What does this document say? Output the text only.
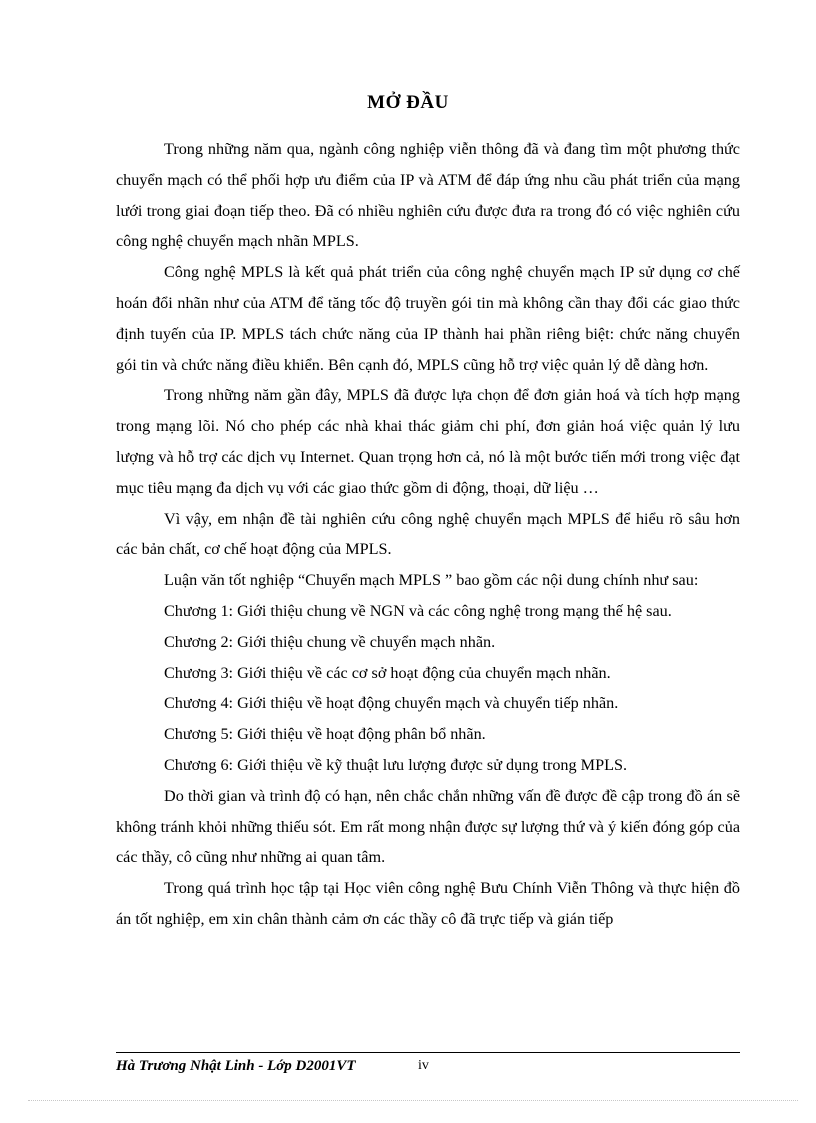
MỞ ĐẦU

Trong những năm qua, ngành công nghiệp viễn thông đã và đang tìm một phương thức chuyển mạch có thể phối hợp ưu điểm của IP và ATM để đáp ứng nhu cầu phát triển của mạng lưới trong giai đoạn tiếp theo. Đã có nhiều nghiên cứu được đưa ra trong đó có việc nghiên cứu công nghệ chuyển mạch nhãn MPLS.

Công nghệ MPLS là kết quả phát triển của công nghệ chuyển mạch IP sử dụng cơ chế hoán đổi nhãn như của ATM để tăng tốc độ truyền gói tin mà không cần thay đổi các giao thức định tuyến của IP. MPLS tách chức năng của IP thành hai phần riêng biệt: chức năng chuyển gói tin và chức năng điều khiển. Bên cạnh đó, MPLS cũng hỗ trợ việc quản lý dễ dàng hơn.

Trong những năm gần đây, MPLS đã được lựa chọn để đơn giản hoá và tích hợp mạng trong mạng lõi. Nó cho phép các nhà khai thác giảm chi phí, đơn giản hoá việc quản lý lưu lượng và hỗ trợ các dịch vụ Internet. Quan trọng hơn cả, nó là một bước tiến mới trong việc đạt mục tiêu mạng đa dịch vụ với các giao thức gồm di động, thoại, dữ liệu …

Vì vậy, em nhận đề tài nghiên cứu công nghệ chuyển mạch MPLS để hiểu rõ sâu hơn các bản chất, cơ chế hoạt động của MPLS.

Luận văn tốt nghiệp “Chuyển mạch MPLS ” bao gồm các nội dung chính như sau:

Chương 1: Giới thiệu chung về NGN và các công nghệ trong mạng thế hệ sau.
Chương 2: Giới thiệu chung về chuyển mạch nhãn.
Chương 3: Giới thiệu về các cơ sở hoạt động của chuyển mạch nhãn.
Chương 4: Giới thiệu về hoạt động chuyển mạch và chuyển tiếp nhãn.
Chương 5: Giới thiệu về hoạt động phân bổ nhãn.
Chương 6: Giới thiệu về kỹ thuật lưu lượng được sử dụng trong MPLS.

Do thời gian và trình độ có hạn, nên chắc chắn những vấn đề được đề cập trong đồ án sẽ không tránh khỏi những thiếu sót. Em rất mong nhận được sự lượng thứ và ý kiến đóng góp của các thầy, cô cũng như những ai quan tâm.

Trong quá trình học tập tại Học viên công nghệ Bưu Chính Viễn Thông và thực hiện đồ án tốt nghiệp, em xin chân thành cảm ơn các thầy cô đã trực tiếp và gián tiếp

Hà Trương Nhật Linh - Lớp D2001VT	iv
